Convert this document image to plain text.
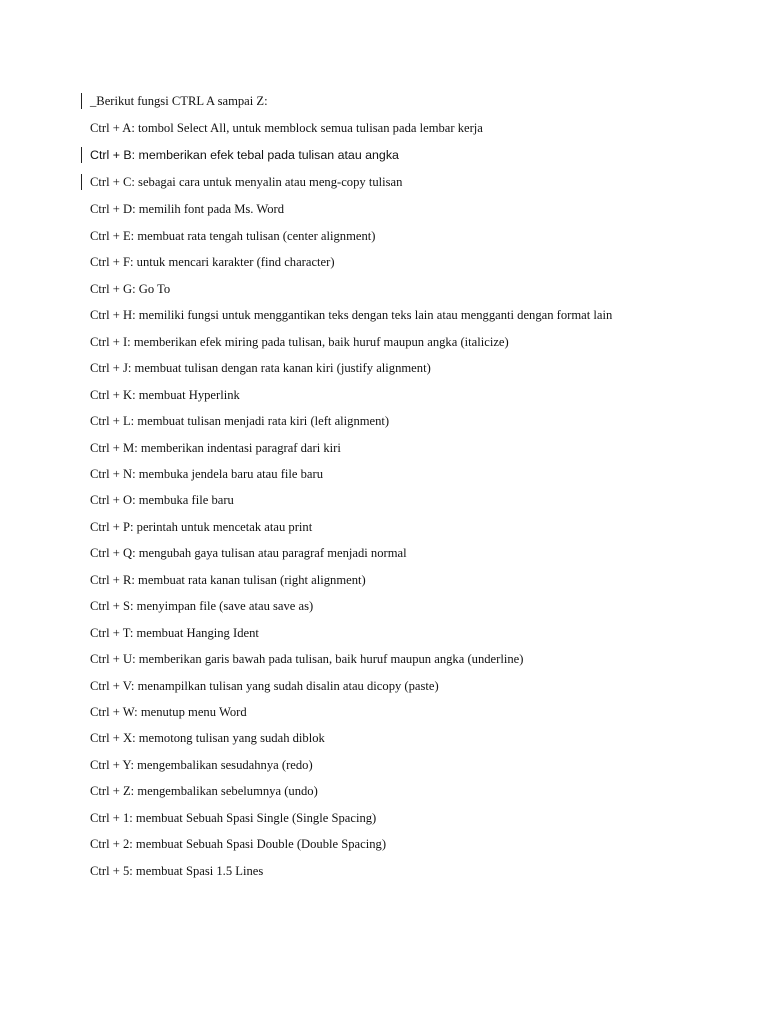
_Berikut fungsi CTRL A sampai Z:
Ctrl + A: tombol Select All, untuk memblock semua tulisan pada lembar kerja
Ctrl + B: memberikan efek tebal pada tulisan atau angka
Ctrl + C: sebagai cara untuk menyalin atau meng-copy tulisan
Ctrl + D: memilih font pada Ms. Word
Ctrl + E: membuat rata tengah tulisan (center alignment)
Ctrl + F: untuk mencari karakter (find character)
Ctrl + G: Go To
Ctrl + H: memiliki fungsi untuk menggantikan teks dengan teks lain atau mengganti dengan format lain
Ctrl + I: memberikan efek miring pada tulisan, baik huruf maupun angka (italicize)
Ctrl + J: membuat tulisan dengan rata kanan kiri (justify alignment)
Ctrl + K: membuat Hyperlink
Ctrl + L: membuat tulisan menjadi rata kiri (left alignment)
Ctrl + M: memberikan indentasi paragraf dari kiri
Ctrl + N: membuka jendela baru atau file baru
Ctrl + O: membuka file baru
Ctrl + P: perintah untuk mencetak atau print
Ctrl + Q: mengubah gaya tulisan atau paragraf menjadi normal
Ctrl + R: membuat rata kanan tulisan (right alignment)
Ctrl + S: menyimpan file (save atau save as)
Ctrl + T: membuat Hanging Ident
Ctrl + U: memberikan garis bawah pada tulisan, baik huruf maupun angka (underline)
Ctrl + V: menampilkan tulisan yang sudah disalin atau dicopy (paste)
Ctrl + W: menutup menu Word
Ctrl + X: memotong tulisan yang sudah diblok
Ctrl + Y: mengembalikan sesudahnya (redo)
Ctrl + Z: mengembalikan sebelumnya (undo)
Ctrl + 1: membuat Sebuah Spasi Single (Single Spacing)
Ctrl + 2: membuat Sebuah Spasi Double (Double Spacing)
Ctrl + 5: membuat Spasi 1.5 Lines
